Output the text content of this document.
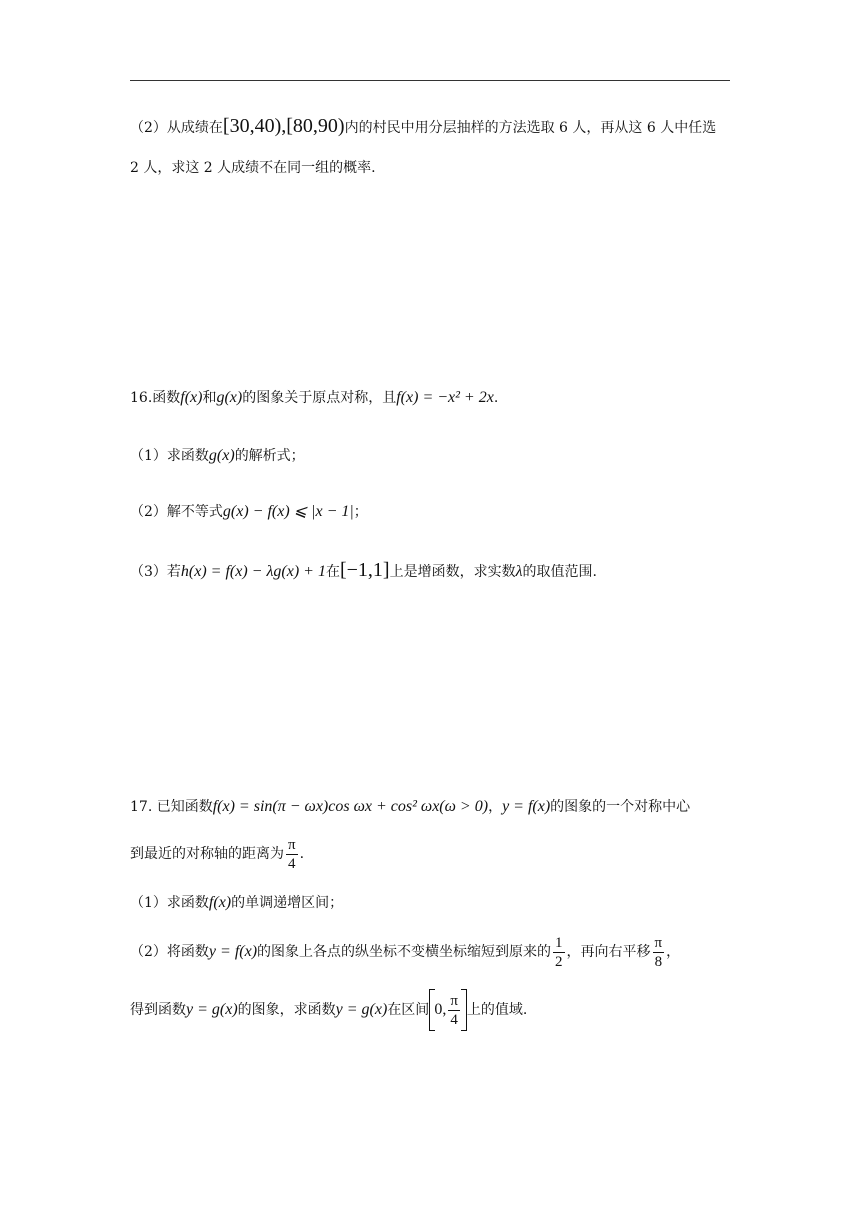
（2）从成绩在[30,40),[80,90)内的村民中用分层抽样的方法选取 6 人，再从这 6 人中任选
2 人，求这 2 人成绩不在同一组的概率.
16.函数f(x)和g(x)的图象关于原点对称，且f(x) = −x² + 2x.
（1）求函数g(x)的解析式；
（2）解不等式g(x) − f(x) ⩽ |x − 1|；
（3）若h(x) = f(x) − λg(x) + 1在[−1,1]上是增函数，求实数λ的取值范围.
17. 已知函数f(x) = sin(π − ωx)cos ωx + cos² ωx(ω > 0)，y = f(x)的图象的一个对称中心
到最近的对称轴的距离为 $\frac{\pi}{4}$ .
（1）求函数f(x)的单调递增区间；
（2）将函数 y = f(x) 的图象上各点的纵坐标不变横坐标缩短到原来的 $\frac{1}{2}$ ，再向右平移 $\frac{\pi}{8}$ ，
得到函数 y = g(x) 的图象，求函数 y = g(x) 在区间 0, $\frac{\pi}{4}$ 上的值域.
